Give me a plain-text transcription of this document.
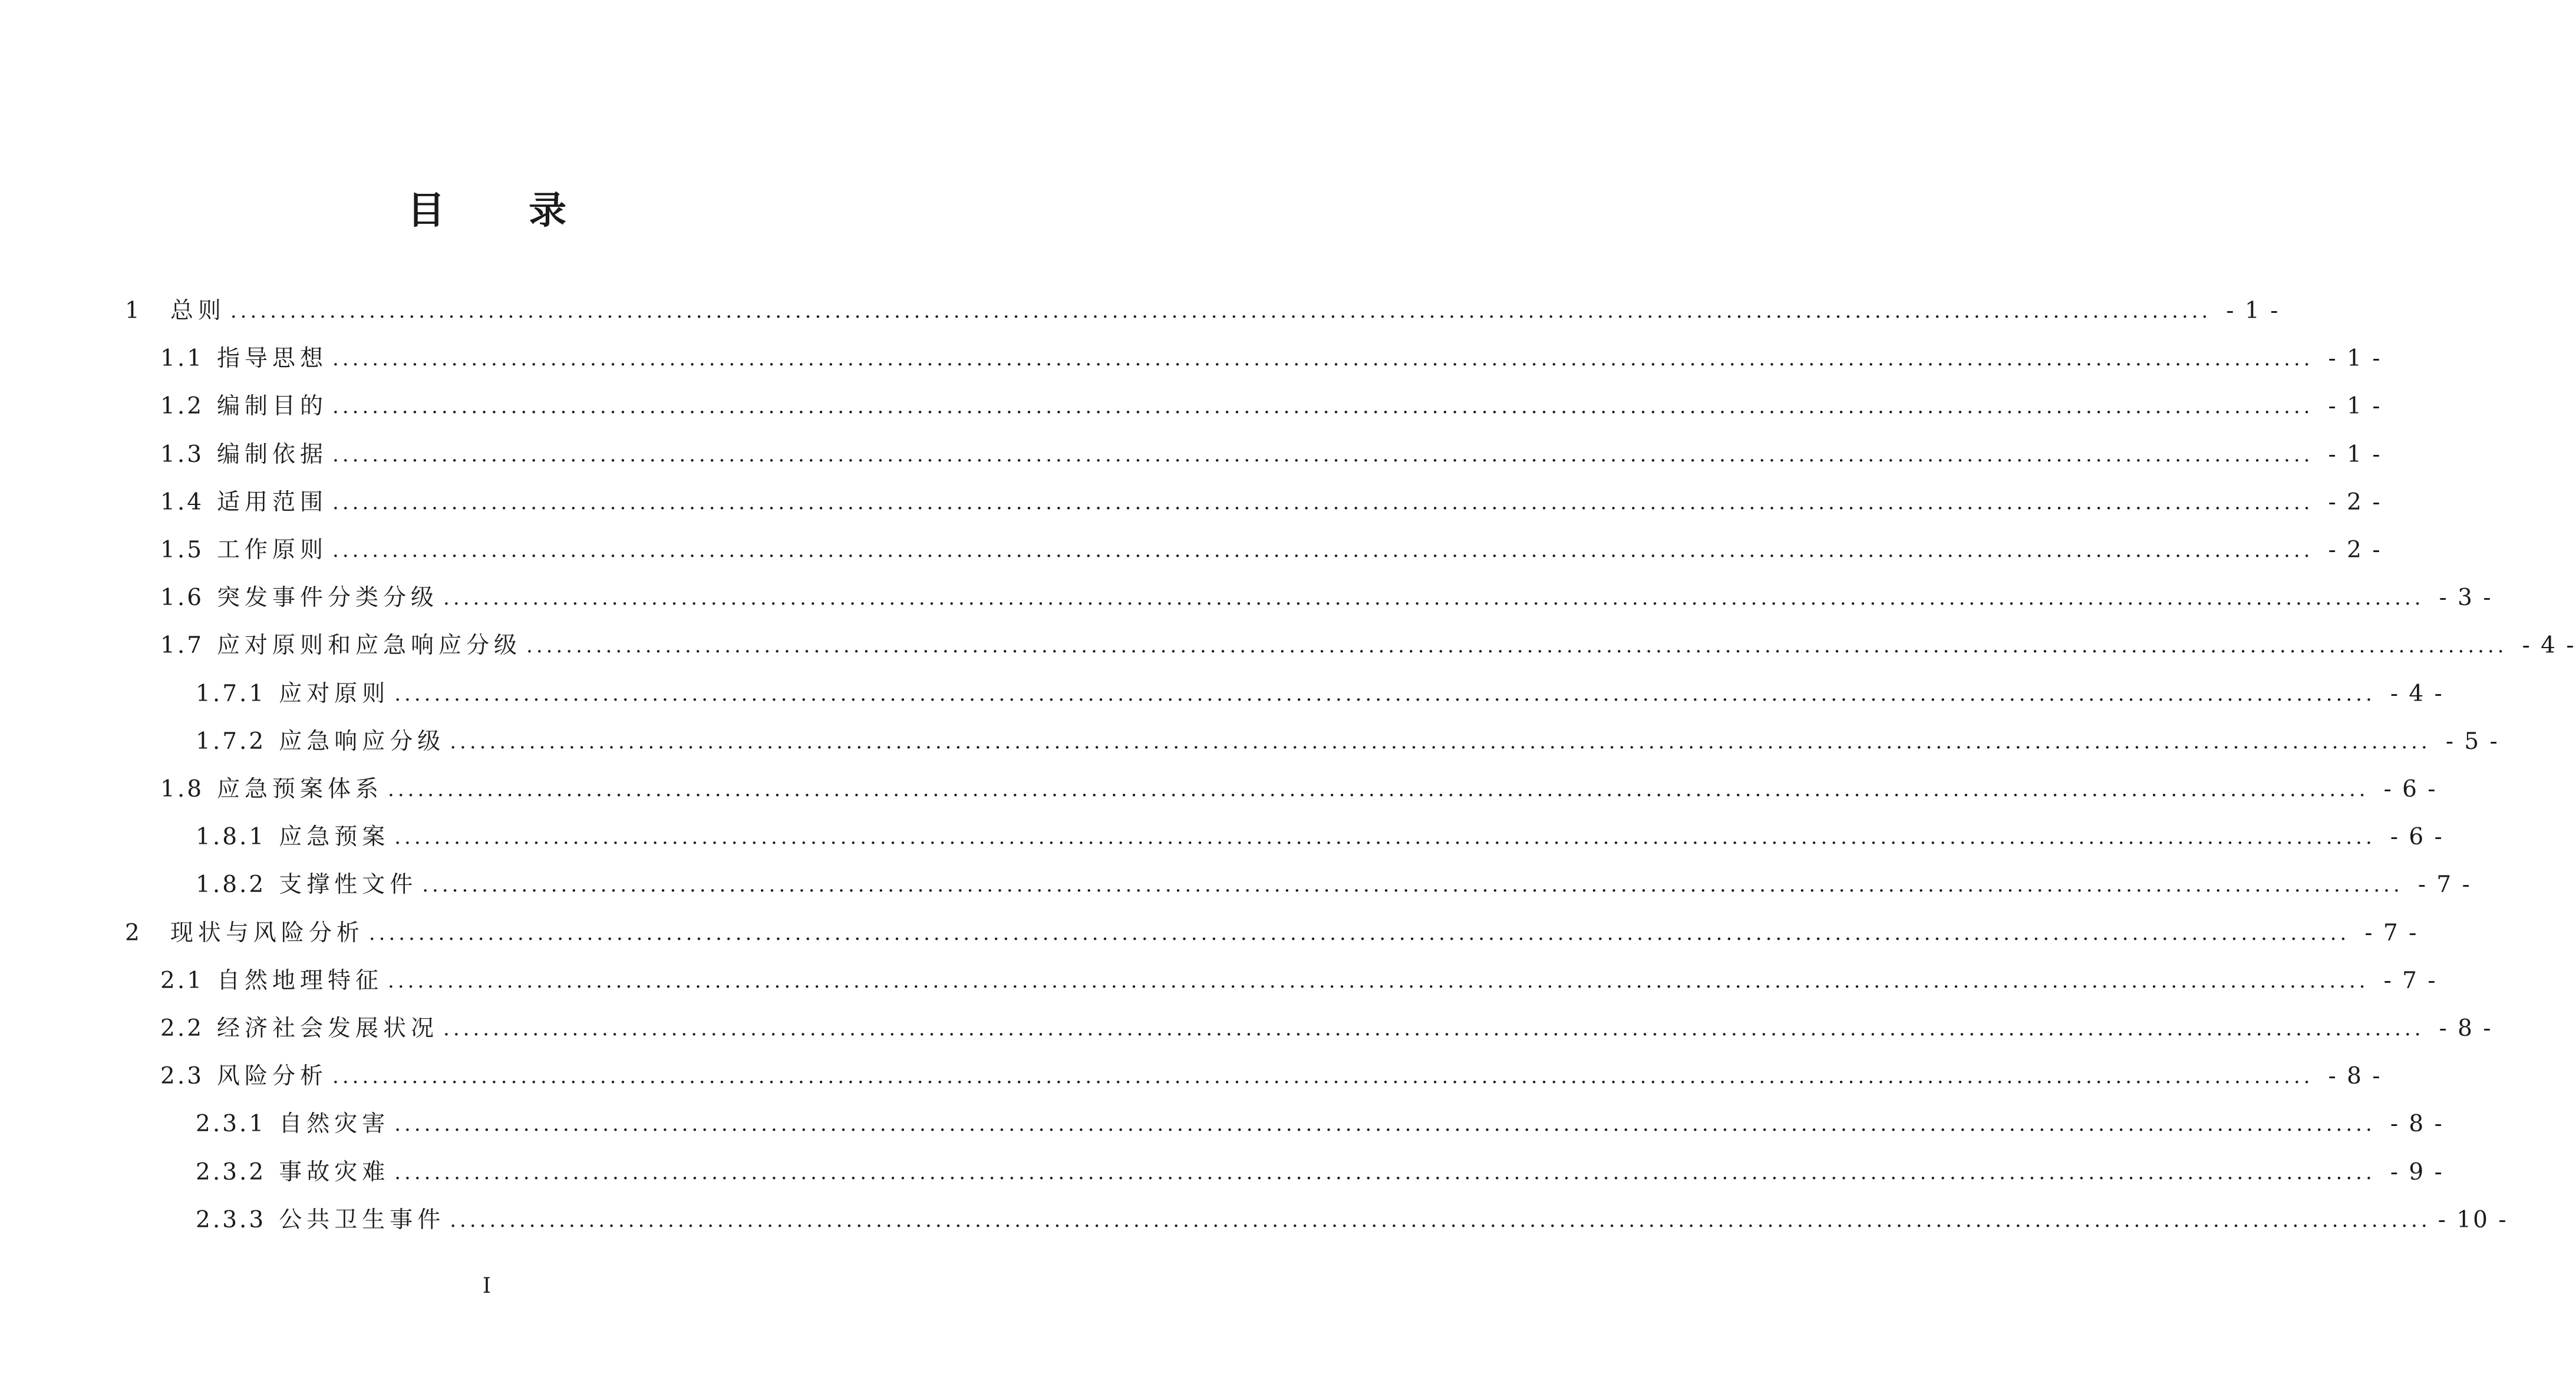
目 录
1 总则 ........................................................................................................................................................................................................ - 1 -
1.1 指导思想 ........................................................................................................................................................................................................ - 1 -
1.2 编制目的 ........................................................................................................................................................................................................ - 1 -
1.3 编制依据 ........................................................................................................................................................................................................ - 1 -
1.4 适用范围 ........................................................................................................................................................................................................ - 2 -
1.5 工作原则 ........................................................................................................................................................................................................ - 2 -
1.6 突发事件分类分级 ........................................................................................................................................................................................................ - 3 -
1.7 应对原则和应急响应分级 ........................................................................................................................................................................................................ - 4 -
1.7.1 应对原则 ........................................................................................................................................................................................................ - 4 -
1.7.2 应急响应分级 ........................................................................................................................................................................................................ - 5 -
1.8 应急预案体系 ........................................................................................................................................................................................................ - 6 -
1.8.1 应急预案 ........................................................................................................................................................................................................ - 6 -
1.8.2 支撑性文件 ........................................................................................................................................................................................................ - 7 -
2 现状与风险分析 ........................................................................................................................................................................................................ - 7 -
2.1 自然地理特征 ........................................................................................................................................................................................................ - 7 -
2.2 经济社会发展状况 ........................................................................................................................................................................................................ - 8 -
2.3 风险分析 ........................................................................................................................................................................................................ - 8 -
2.3.1 自然灾害 ........................................................................................................................................................................................................ - 8 -
2.3.2 事故灾难 ........................................................................................................................................................................................................ - 9 -
2.3.3 公共卫生事件 ........................................................................................................................................................................................................ - 10 -
I
